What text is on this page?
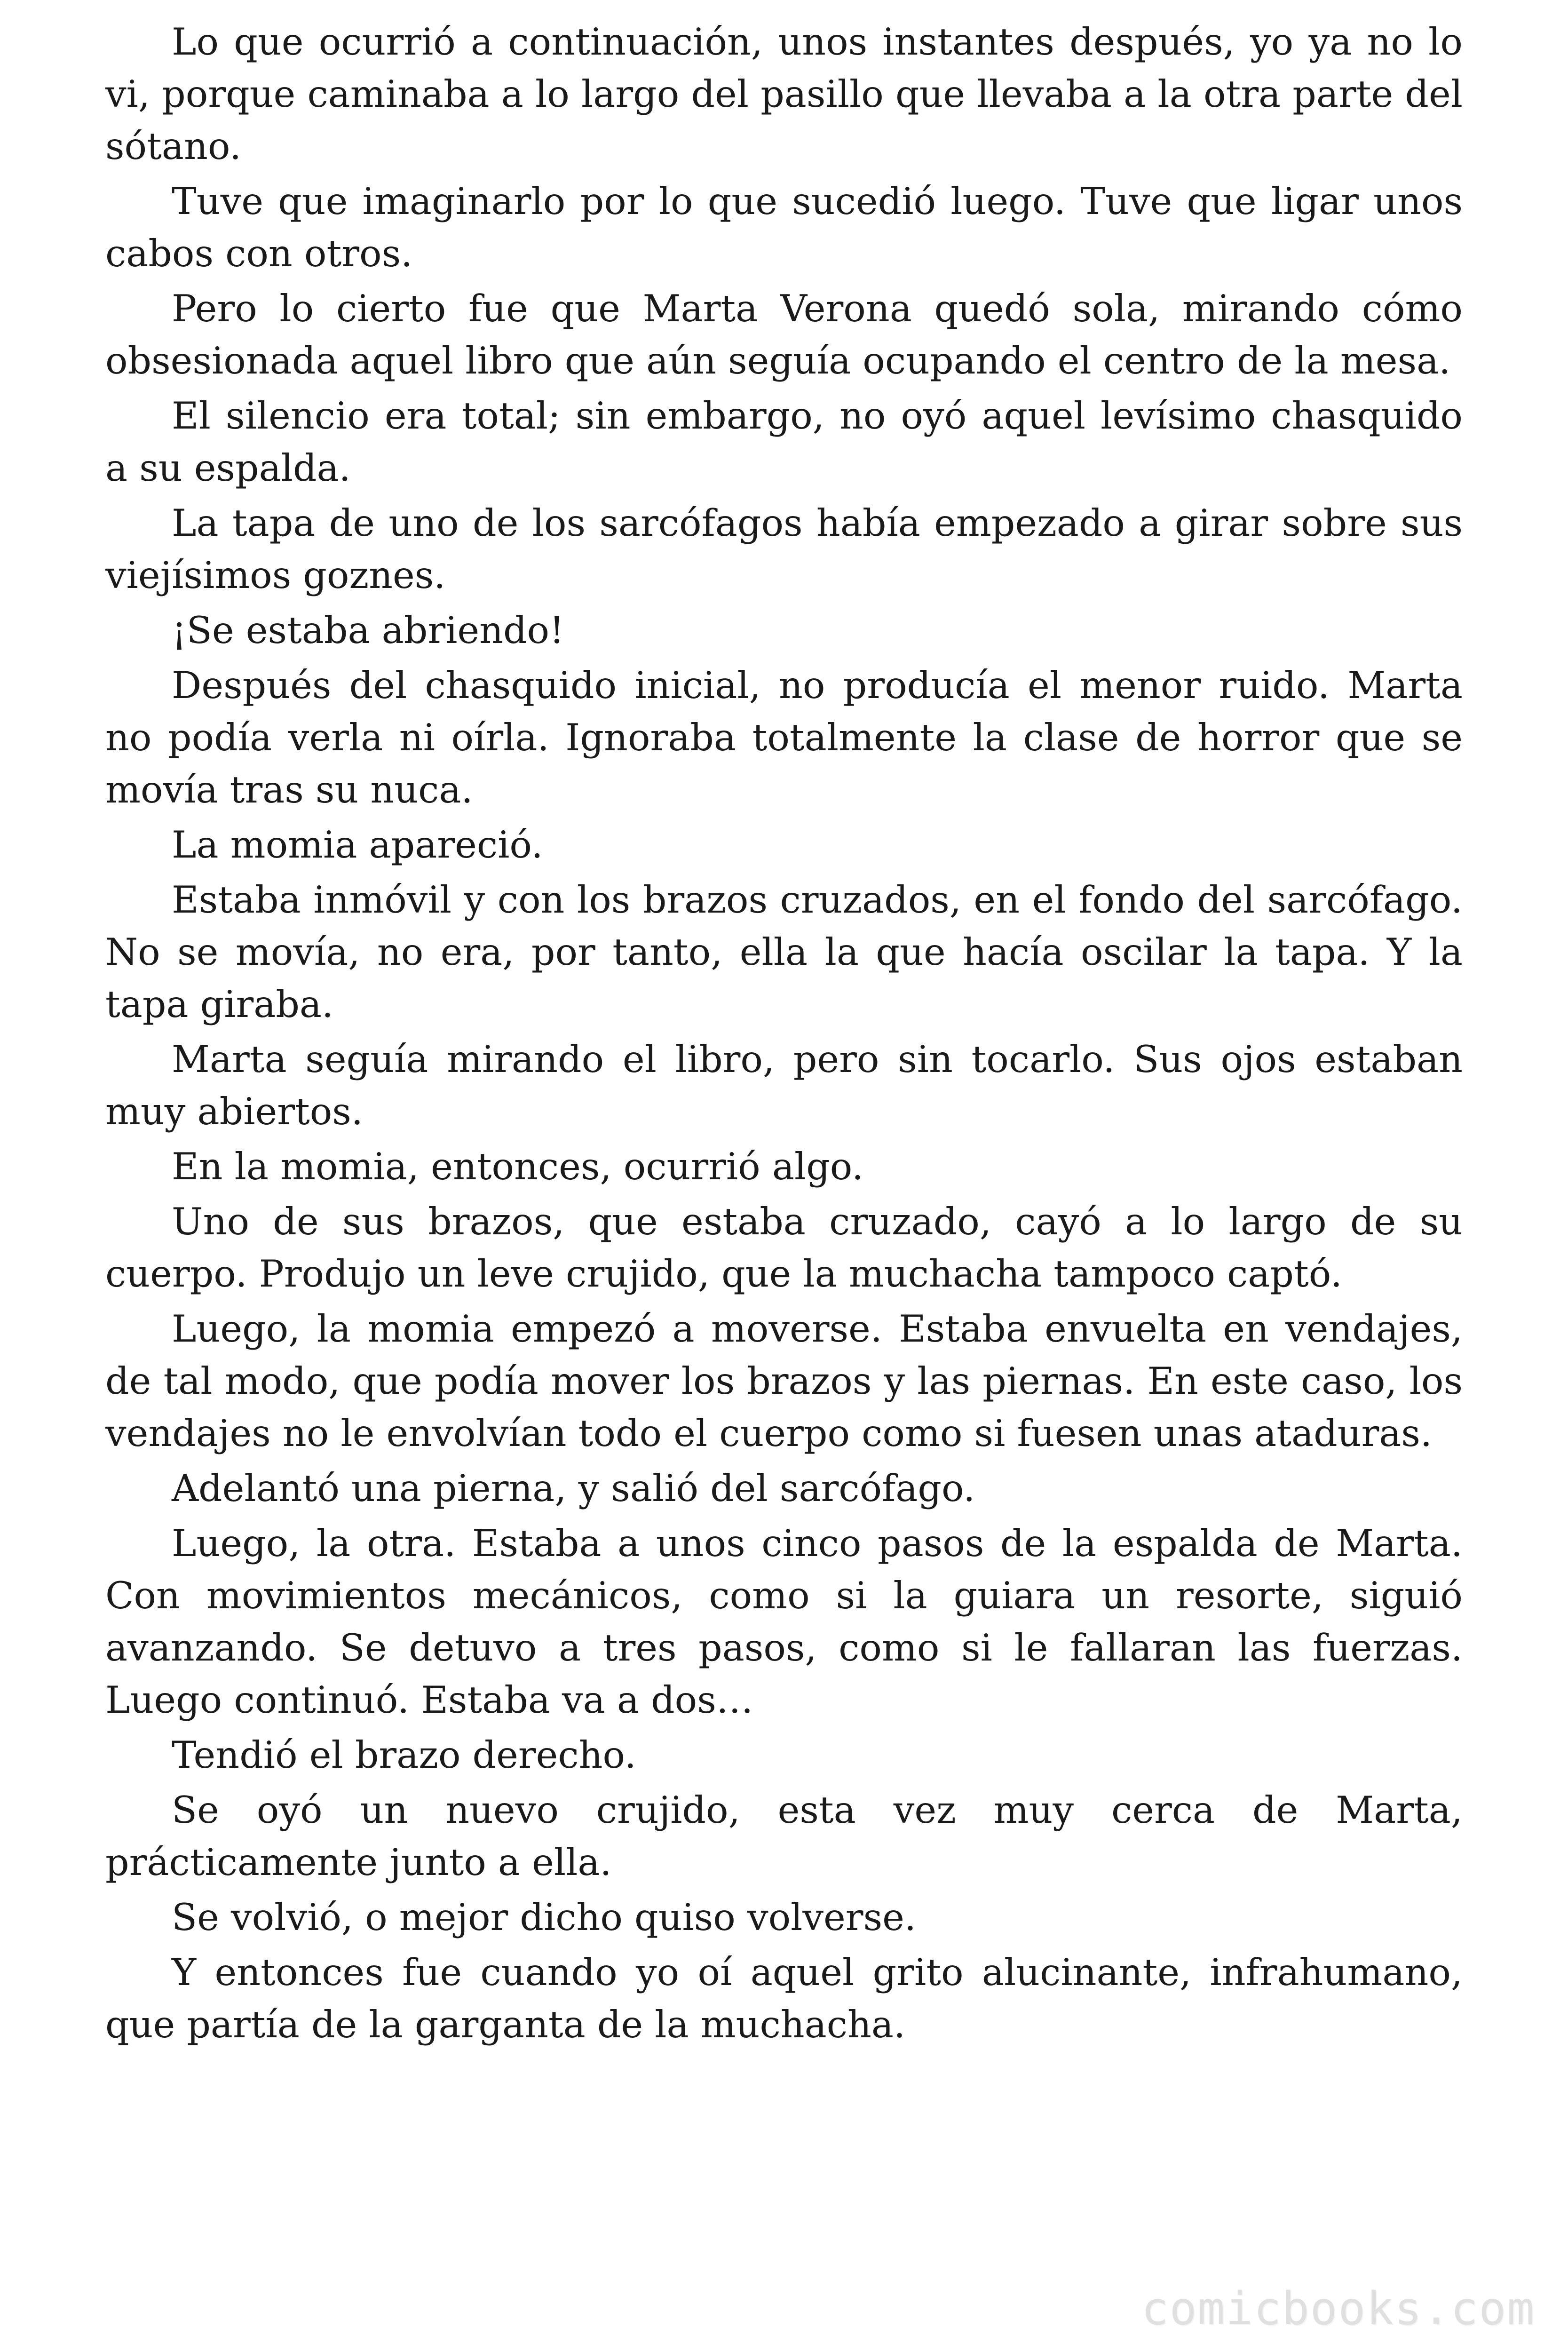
Lo que ocurrió a continuación, unos instantes después, yo ya no lo vi, porque caminaba a lo largo del pasillo que llevaba a la otra parte del sótano.

Tuve que imaginarlo por lo que sucedió luego. Tuve que ligar unos cabos con otros.

Pero lo cierto fue que Marta Verona quedó sola, mirando cómo obsesionada aquel libro que aún seguía ocupando el centro de la mesa.

El silencio era total; sin embargo, no oyó aquel levísimo chasquido a su espalda.

La tapa de uno de los sarcófagos había empezado a girar sobre sus viejísimos goznes.

¡Se estaba abriendo!

Después del chasquido inicial, no producía el menor ruido. Marta no podía verla ni oírla. Ignoraba totalmente la clase de horror que se movía tras su nuca.

La momia apareció.

Estaba inmóvil y con los brazos cruzados, en el fondo del sarcófago. No se movía, no era, por tanto, ella la que hacía oscilar la tapa. Y la tapa giraba.

Marta seguía mirando el libro, pero sin tocarlo. Sus ojos estaban muy abiertos.

En la momia, entonces, ocurrió algo.

Uno de sus brazos, que estaba cruzado, cayó a lo largo de su cuerpo. Produjo un leve crujido, que la muchacha tampoco captó.

Luego, la momia empezó a moverse. Estaba envuelta en vendajes, de tal modo, que podía mover los brazos y las piernas. En este caso, los vendajes no le envolvían todo el cuerpo como si fuesen unas ataduras.

Adelantó una pierna, y salió del sarcófago.

Luego, la otra. Estaba a unos cinco pasos de la espalda de Marta. Con movimientos mecánicos, como si la guiara un resorte, siguió avanzando. Se detuvo a tres pasos, como si le fallaran las fuerzas. Luego continuó. Estaba va a dos…

Tendió el brazo derecho.

Se oyó un nuevo crujido, esta vez muy cerca de Marta, prácticamente junto a ella.

Se volvió, o mejor dicho quiso volverse.

Y entonces fue cuando yo oí aquel grito alucinante, infrahumano, que partía de la garganta de la muchacha.

comicbooks.com
